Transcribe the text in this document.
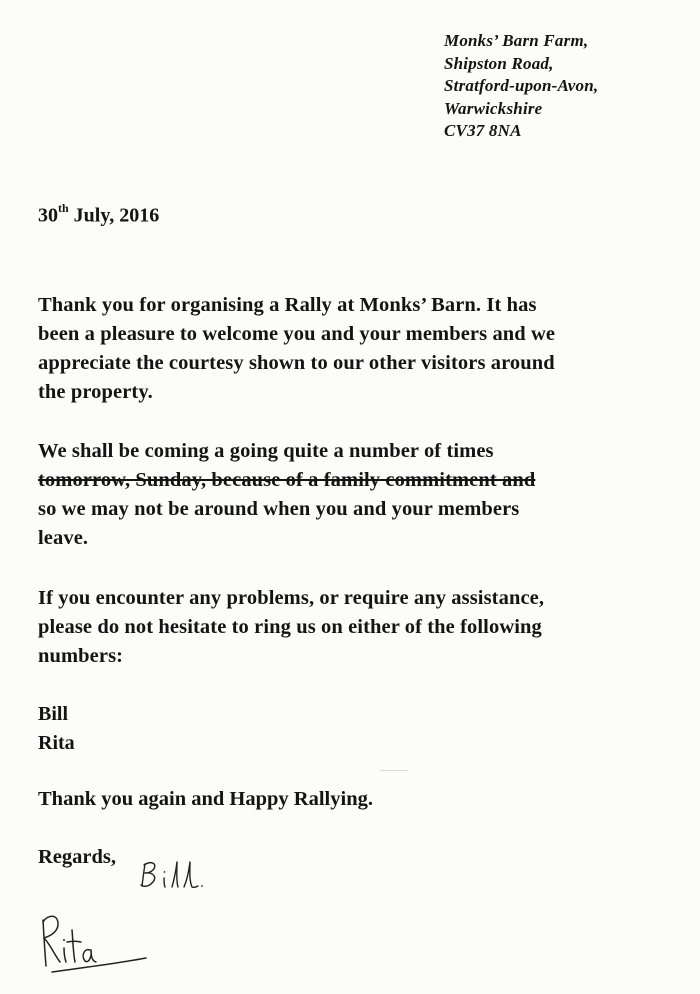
Monks’ Barn Farm,
Shipston Road,
Stratford-upon-Avon,
Warwickshire
CV37 8NA
30th July, 2016
Thank you for organising a Rally at Monks’ Barn. It has
been a pleasure to welcome you and your members and we
appreciate the courtesy shown to our other visitors around
the property.
We shall be coming a going quite a number of times
tomorrow, Sunday, because of a family commitment and
so we may not be around when you and your members
leave.
If you encounter any problems, or require any assistance,
please do not hesitate to ring us on either of the following
numbers:
Bill
Rita
Thank you again and Happy Rallying.
Regards,
